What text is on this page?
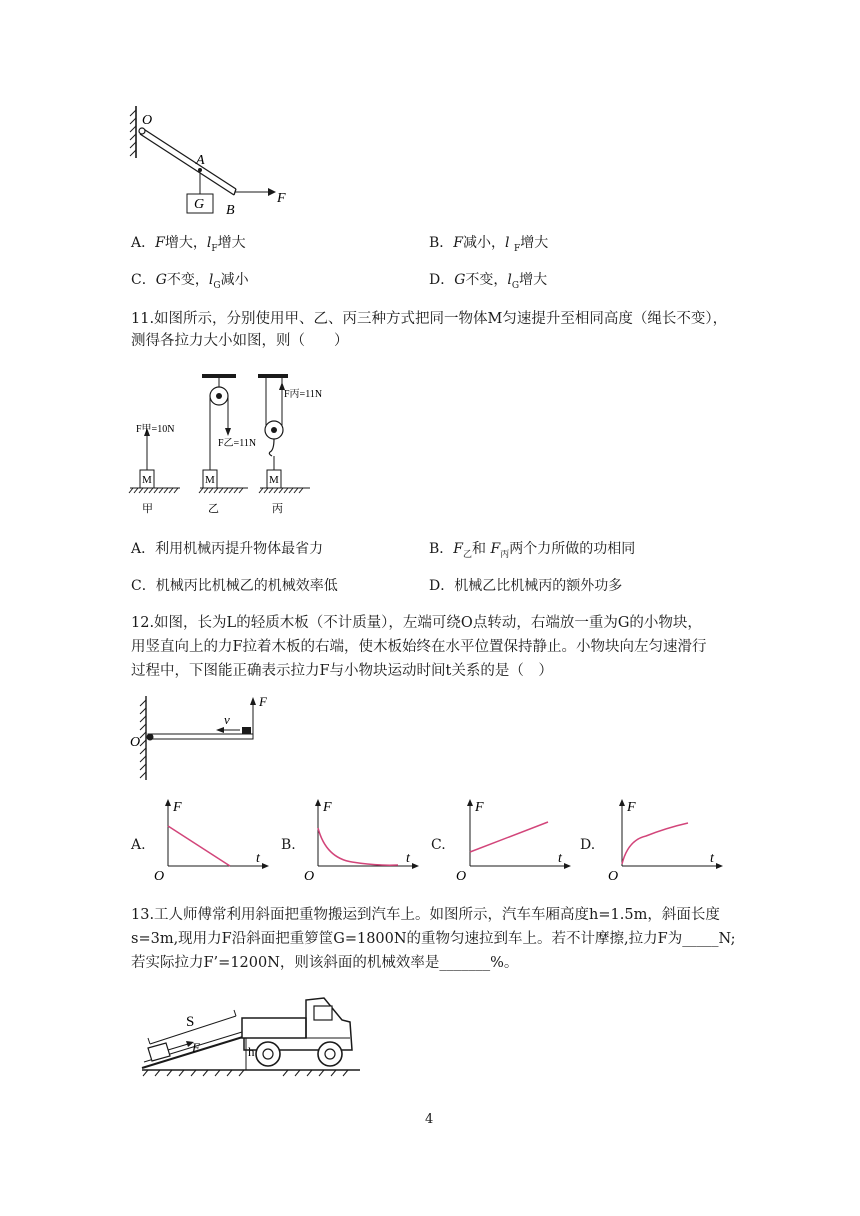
O
A
B
G	F
A．F增大，$l_F$增大	B．F减小，l $_F$增大
C．G不变，$l_G$减小	D．G不变，$l_G$增大
11.如图所示，分别使用甲、乙、丙三种方式把同一物体M匀速提升至相同高度（绳长不变），
测得各拉力大小如图，则（　　）
M
F甲=10N
甲
M
F乙=11N
乙
M
F丙=11N
丙
A．利用机械丙提升物体最省力	B．$F_乙$和 $F_丙$两个力所做的功相同
C．机械丙比机械乙的机械效率低	D．机械乙比机械丙的额外功多
12.如图，长为L的轻质木板（不计质量），左端可绕O点转动，右端放一重为G的小物块，
用竖直向上的力F拉着木板的右端，使木板始终在水平位置保持静止。小物块向左匀速滑行
过程中，下图能正确表示拉力F与小物块运动时间t关系的是（　）
O
v
F
A.
F
t
O
B.
F
t
O
C.
F
t
O
D.
F
t
O
13.工人师傅常利用斜面把重物搬运到汽车上。如图所示，汽车车厢高度h=1.5m，斜面长度
s=3m,现用力F沿斜面把重箩筐G=1800N的重物匀速拉到车上。若不计摩擦,拉力F为_____N;
若实际拉力F’=1200N，则该斜面的机械效率是_______%。
S
F	h
4
